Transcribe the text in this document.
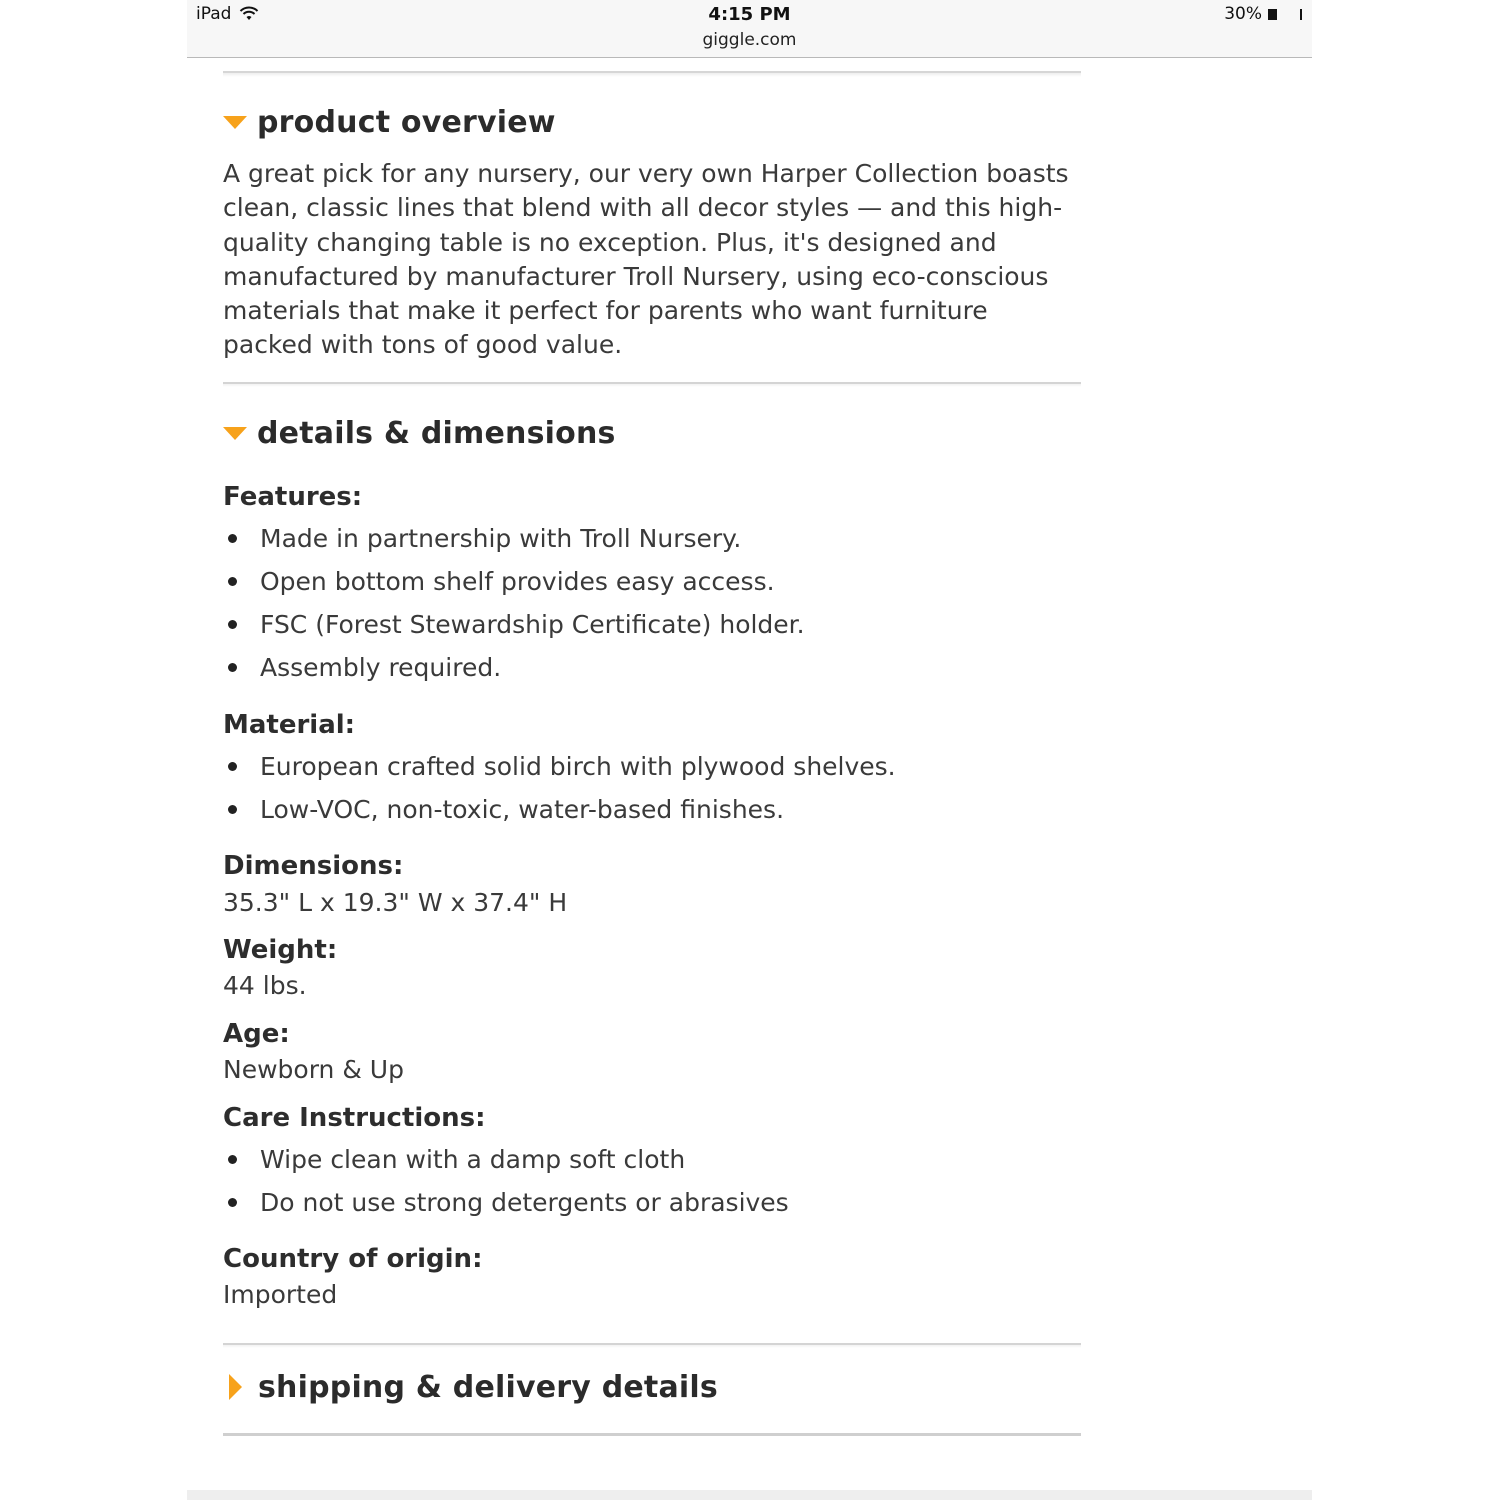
iPad	4:15 PM
giggle.com
30%
product overview
A great pick for any nursery, our very own Harper Collection boasts
clean, classic lines that blend with all decor styles — and this high-
quality changing table is no exception. Plus, it's designed and
manufactured by manufacturer Troll Nursery, using eco-conscious
materials that make it perfect for parents who want furniture
packed with tons of good value.
details & dimensions
Features:
Made in partnership with Troll Nursery.
Open bottom shelf provides easy access.
FSC (Forest Stewardship Certificate) holder.
Assembly required.
Material:
European crafted solid birch with plywood shelves.
Low-VOC, non-toxic, water-based finishes.
Dimensions:
35.3" L x 19.3" W x 37.4" H
Weight:
44 lbs.
Age:
Newborn & Up
Care Instructions:
Wipe clean with a damp soft cloth
Do not use strong detergents or abrasives
Country of origin:
Imported
shipping & delivery details
